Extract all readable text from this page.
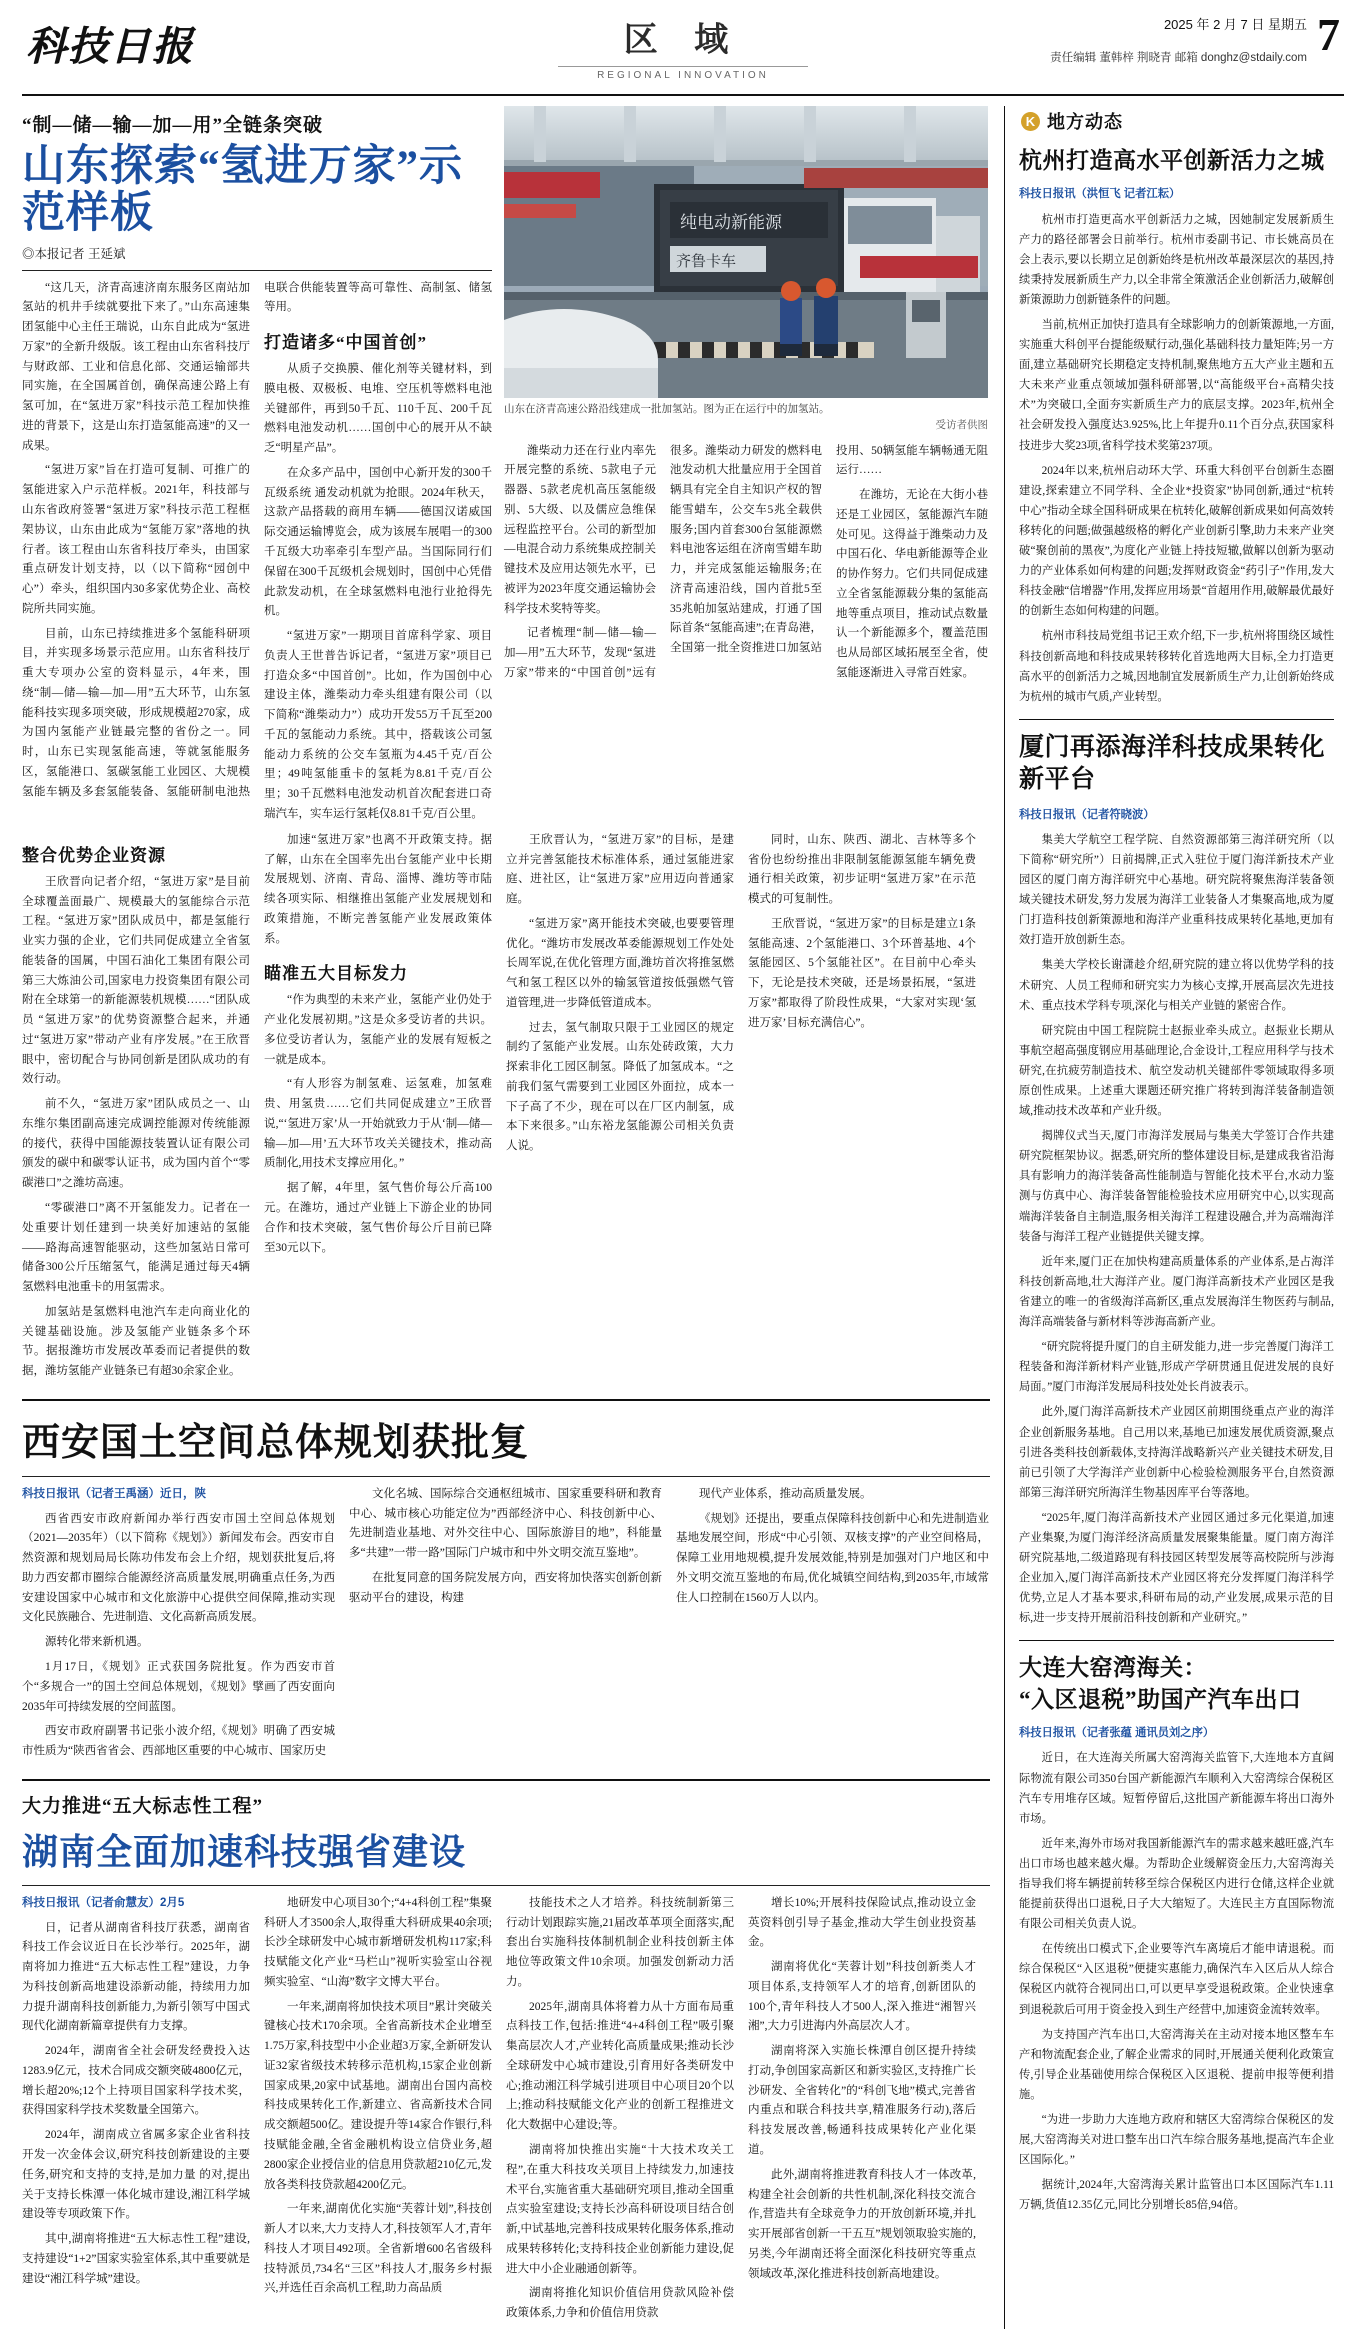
科技日报	区 域
REGIONAL INNOVATION
2025 年 2 月 7 日 星期五
责任编辑 董韩梓 荆晓青 邮箱 donghz@stdaily.com 7
“制—储—输—加—用”全链条突破
山东探索“氢进万家”示范样板
◎本报记者 王延斌

“这几天，济青高速济南东服务区南站加氢站的机井手续就要批下来了。”山东高速集团氢能中心主任王瑞说，山东自此成为“氢进万家”的全新升级版。该工程由山东省科技厅与财政部、工业和信息化部、交通运输部共同实施，在全国属首创，确保高速公路上有氢可加，在“氢进万家”科技示范工程加快推进的背景下，这是山东打造氢能高速”的又一成果。

“氢进万家”旨在打造可复制、可推广的氢能进家入户示范样板。2021年，科技部与山东省政府签署“氢进万家”科技示范工程框架协议，山东由此成为“氢能万家”落地的执行者。该工程由山东省科技厅牵头，由国家重点研发计划支持，以（以下简称“园创中心”）牵头，组织国内30多家优势企业、高校院所共同实施。

目前，山东已持续推进多个氢能科研项目，并实现多场景示范应用。山东省科技厅重大专项办公室的资料显示，4年来，围绕“制—储—输—加—用”五大环节，山东氢能科技实现多项突破，形成规模超270家，成为国内氢能产业链最完整的省份之一。同时，山东已实现氢能高速，等就氢能服务区，氢能港口、氢碳氢能工业园区、大规模氢能车辆及多套氢能装备、氢能研制电池热电联合供能装置等高可靠性、高制氢、储氢等用。

打造诸多“中国首创”

从质子交换膜、催化剂等关键材料，到膜电极、双极板、电堆、空压机等燃料电池关键部件，再到50千瓦、110千瓦、200千瓦燃料电池发动机……国创中心的展开从不缺乏“明星产品”。

在众多产品中，国创中心新开发的300千瓦级系统 通发动机就为抢眼。2024年秋天，这款产品搭载的商用车辆——德国汉诺威国际交通运输博览会，成为该展车展唱一的300千瓦级大功率牵引车型产品。当国际同行们保留在300千瓦级机会规划时，国创中心凭借此款发动机，在全球氢燃料电池行业抢得先机。

“氢进万家”一期项目首席科学家、项目负责人王世普告诉记者，“氢进万家”项目已打造众多“中国首创”。比如，作为国创中心建设主体，潍柴动力牵头组建有限公司（以下简称“潍柴动力”）成功开发55万千瓦至200千瓦的氢能动力系统。其中，搭载该公司氢能动力系统的公交车氢瓶为4.45千克/百公里；49吨氢能重卡的氢耗为8.81千克/百公里；30千瓦燃料电池发动机首次配套进口奇瑞汽车，实车运行氢耗仅8.81千克/百公里。

纯电动新能源
齐鲁卡车
山东在济青高速公路沿线建成一批加氢站。图为正在运行中的加氢站。
受访者供图

潍柴动力还在行业内率先开展完整的系统、5款电子元器器、5款老虎机高压氢能级别、5大级、以及儒应急维保远程监控平台。公司的新型加—电混合动力系统集成控制关键技术及应用达领先水平，已被评为2023年度交通运输协会科学技术奖特等奖。

记者梳理“制—储—输—加—用”五大环节，发现“氢进万家”带来的“中国首创”远有很多。潍柴动力研发的燃料电池发动机大批量应用于全国首辆具有完全自主知识产权的智能雪蜡车，公交车5兆全载供服务;国内首套300台氢能源燃料电池客运组在济南雪蜡车助力，并完成氢能运输服务;在济青高速沿线，国内首批5至35兆帕加氢站建成，打通了国际首条“氢能高速”;在青岛港，全国第一批全资推进口加氢站投用、50辆氢能车辆畅通无阻运行……

在潍坊，无论在大街小巷还是工业园区，氢能源汽车随处可见。这得益于潍柴动力及中国石化、华电新能源等企业的协作努力。它们共同促成建立全省氢能源载分集的氢能高地等重点项目，推动试点数量认一个新能源多个，覆盖范围也从局部区域拓展至全省，使氢能逐渐进入寻常百姓家。

整合优势企业资源

王欣晋向记者介绍，“氢进万家”是目前全球覆盖面最广、规模最大的氢能综合示范工程。“氢进万家”团队成员中，都是氢能行业实力强的企业，它们共同促成建立全省氢能装备的国属，中国石油化工集团有限公司第三大炼油公司,国家电力投资集团有限公司附在全球第一的新能源装机规模……“团队成员 “氢进万家”的优势资源整合起来，并通过“氢进万家”带动产业有序发展。”在王欣晋眼中，密切配合与协同创新是团队成功的有效行动。

前不久，“氢进万家”团队成员之一、山东维尔集团副高速完成调控能源对传统能源的接代，获得中国能源技装置认证有限公司颁发的碳中和碳零认证书，成为国内首个“零碳港口”之潍坊高速。

“零碳港口”离不开氢能发力。记者在一处重要计划任建到一块美好加速站的氢能——路海高速智能驱动，这些加氢站日常可储备300公斤压缩氢气，能满足通过每天4辆氢燃料电池重卡的用氢需求。

加氢站是氢燃料电池汽车走向商业化的关键基础设施。涉及氢能产业链条多个环节。据报潍坊市发展改革委而记者提供的数据，潍坊氢能产业链条已有超30余家企业。

加速“氢进万家”也离不开政策支持。据了解，山东在全国率先出台氢能产业中长期发展规划、济南、青岛、淄博、潍坊等市陆续各项实际、相继推出氢能产业发展规划和政策措施，不断完善氢能产业发展政策体系。

瞄准五大目标发力

“作为典型的未来产业，氢能产业仍处于产业化发展初期。”这是众多受访者的共识。多位受访者认为，氢能产业的发展有短板之一就是成本。

“有人形容为制氢难、运氢难，加氢难贵、用氢贵……它们共同促成建立”王欣晋说,“‘氢进万家’从一开始就致力于从‘制—储—输—加—用’五大环节攻关关键技术，推动高质制化,用技术支撑应用化。”

据了解，4年里，氢气售价每公斤高100元。在潍坊，通过产业链上下游企业的协同合作和技术突破，氢气售价每公斤目前已降至30元以下。

王欣晋认为，“氢进万家”的目标，是建立并完善氢能技术标准体系，通过氢能进家庭、进社区，让“氢进万家”应用迈向普通家庭。

“氢进万家”离开能技术突破,也要要管理优化。“潍坊市发展改革委能源规划工作处处长周军说,在优化管理方面,潍坊首次将推氢燃气和氢工程区以外的输氢管道按低强燃气管道管理,进一步降低管道成本。

过去，氢气制取只限于工业园区的规定制约了氢能产业发展。山东处砖政策，大力探索非化工园区制氢。降低了加氢成本。“之前我们氢气需要到工业园区外面拉，成本一下子高了不少，现在可以在厂区内制氢，成本下来很多。”山东裕龙氢能源公司相关负责人说。

同时，山东、陕西、湖北、吉林等多个省份也纷纷推出非限制氢能源氢能车辆免费通行相关政策，初步证明“氢进万家”在示范模式的可复制性。

王欣晋说，“氢进万家”的目标是建立1条氢能高速、2个氢能港口、3个环普基地、4个氢能园区、5个氢能社区”。在目前中心牵头下，无论是技术突破，还是场景拓展，“氢进万家”都取得了阶段性成果，“大家对实现‘氢进万家’目标充满信心”。

西安国土空间总体规划获批复

科技日报讯（记者王禹涵）近日，陕

西省西安市政府新闻办举行西安市国土空间总体规划（2021—2035年）（以下简称《规划》）新闻发布会。西安市自然资源和规划局局长陈功伟发布会上介绍，规划获批复后,将助力西安都市圈综合能源经济高质量发展,明确重点任务,为西安建设国家中心城市和文化旅游中心提供空间保障,推动实现文化民族融合、先进制造、文化高新高质发展。

源转化带来新机遇。

1月17日，《规划》正式获国务院批复。作为西安市首个“多规合一”的国土空间总体规划，《规划》擘画了西安面向2035年可持续发展的空间蓝图。

西安市政府副署书记张小波介绍,《规划》明确了西安城市性质为“陕西省省会、西部地区重要的中心城市、国家历史

文化名城、国际综合交通枢纽城市、国家重要科研和教育中心、城市核心功能定位为”西部经济中心、科技创新中心、先进制造业基地、对外交往中心、国际旅游目的地”，科能量多“共建”一带一路”国际门户城市和中外文明交流互鉴地”。

在批复同意的国务院发展方向，西安将加快落实创新创新驱动平台的建设，构建

现代产业体系，推动高质量发展。

《规划》还提出，要重点保障科技创新中心和先进制造业基地发展空间，形成“中心引领、双核支撑”的产业空间格局，保障工业用地规模,提升发展效能,特别是加强对门户地区和中外文明交流互鉴地的布局,优化城镇空间结构,到2035年,市域常住人口控制在1560万人以内。

大力推进“五大标志性工程”
湖南全面加速科技强省建设

科技日报讯（记者俞慧友）2月5

日，记者从湖南省科技厅获悉，湖南省科技工作会议近日在长沙举行。2025年，湖南将加力推进“五大标志性工程”建设，力争为科技创新高地建设添新动能，持续用力加力提升湖南科技创新能力,为新引领写中国式现代化湖南新篇章提供有力支撑。

2024年，湖南省全社会研发经费投入达1283.9亿元，技术合同成交额突破4800亿元，增长超20%;12个上持项目国家科学技术奖，获得国家科学技术奖数量全国第六。

2024年，湖南成立省属多家企业省科技开发一次金体会议,研究科技创新建设的主要任务,研究和支持的支持,是加力量 的对,提出关于支持长株潭一体化城市建设,湘江科学城建设等专项政策下作。

其中,湖南将推进“五大标志性工程”建设,支持建设“1+2”国家实验室体系,其中重要就是建设“湘江科学城”建设。

地研发中心项目30个;“4+4科创工程”集聚科研人才3500余人,取得重大科研成果40余项;长沙全球研发中心城市新增研发机构117家;科技赋能文化产业“马栏山”视听实验室山谷视频实验室、“山海”数字文博大平台。

一年来,湖南将加快技术项目”累计突破关键核心技术170余项。全省高新技术企业增至1.75万家,科技型中小企业超3万家,全新研发认证32家省级技术转移示范机构,15家企业创新国家成果,20家中试基地。湖南出台国内高校科技成果转化工作,新建立、省高新技术合同成交额超500亿。建设提升等14家合作银行,科技赋能金融,全省金融机构设立信贷业务,超2800家企业授信业的信息用贷款超210亿元,发放各类科技贷款超4200亿元。

一年来,湖南优化实施“芙蓉计划”,科技创新人才以来,大力支持人才,科技领军人才,青年科技人才项目492项。全省新增600名省级科技特派员,734名“三区”科技人才,服务乡村振兴,并选任百余高机工程,助力高品质

技能技术之人才培养。科技统制新第三行动计划跟踪实施,21届改革革项全面落实,配套出台实施科技体制机制企业科技创新主体地位等政策文件10余项。加强发创新动力活力。

2025年,湖南具体将着力从十方面布局重点科技工作,包括:推进“4+4科创工程”吸引聚集高层次人才,产业转化高质量成果;推动长沙全球研发中心城市建设,引育用好各类研发中心;推动湘江科学城引进项目中心项目20个以上;推动科技赋能文化产业的创新工程推进文化大数据中心建设;等。

湖南将加快推出实施“十大技术攻关工程”,在重大科技攻关项目上持续发力,加速技术平台,实施省重大基础研究项目,推动全国重点实验室建设;支持长沙高科研设项目结合创新,中试基地,完善科技成果转化服务体系,推动成果转移转化;支持科技企业创新能力建设,促进大中小企业融通创新等。

湖南将推化知识价值信用贷款风险补偿政策体系,力争和价值信用贷款

增长10%;开展科技保险试点,推动设立金英资料创引导子基金,推动大学生创业投资基金。

湖南将优化“芙蓉计划”科技创新类人才项目体系,支持领军人才的培育,创新团队的100个,青年科技人才500人,深入推进“湘智兴湘”,大力引进海内外高层次人才。

湖南将深入实施长株潭自创区提升持续打动,争创国家高新区和新实验区,支持推广长沙研发、全省转化”的“科创飞地”模式,完善省内重点和联合科技共享,精准服务行动),落后科技发展改善,畅通科技成果转化产业化渠道。

此外,湖南将推进教育科技人才一体改革,构建全社会创新的共性机制,深化科技交流合作,营造共有全球竞争力的开放创新环境,并扎实开展部省创新一干五互”规划领取验实施的,另类,今年湖南还将全面深化科技研究等重点领域改革,深化推进科技创新高地建设。

K 地方动态
杭州打造高水平创新活力之城

科技日报讯（洪恒飞 记者江耘）

杭州市打造更高水平创新活力之城，因她制定发展新质生产力的路径部署会日前举行。杭州市委副书记、市长姚高员在会上表示,要以长期立足创新始终是杭州改革最深层次的基因,持续秉持发展新质生产力,以全非常全策激活企业创新活力,破解创新策源助力创新链条件的问题。

当前,杭州正加快打造具有全球影响力的创新策源地,一方面,实施重大科创平台提能级赋行动,强化基础科技力量矩阵;另一方面,建立基础研究长期稳定支持机制,聚焦地方五大产业主题和五大未来产业重点领域加强科研部署,以“高能级平台+高精尖技术”为突破口,全面夯实新质生产力的底层支撑。2023年,杭州全社会研发投入强度达3.925%,比上年提升0.11个百分点,获国家科技进步大奖23项,省科学技术奖第237项。

2024年以来,杭州启动环大学、环重大科创平台创新生态圈建设,探索建立不同学科、全企业*投资家”协同创新,通过“杭转中心”指动全球全国科研成果在杭转化,破解创新成果如何高效转移转化的问题;做强越级格的孵化产业创新引擎,助力未来产业突破“聚创前的黑夜”,为度化产业链上持技短辙,做解以创新为驱动力的产业体系如何构建的问题;发挥财政资金“药引子”作用,发大科技金融“信增器”作用,发挥应用场景“首超用作用,破解最优最好的创新生态如何构建的问题。

杭州市科技局党组书记王欢介绍,下一步,杭州将围绕区域性科技创新高地和科技成果转移转化首选地两大目标,全力打造更高水平的创新活力之城,因地制宜发展新质生产力,让创新始终成为杭州的城市气质,产业转型。

厦门再添海洋科技成果转化新平台

科技日报讯（记者符晓波）

集美大学航空工程学院、自然资源部第三海洋研究所（以下简称“研究所”）日前揭牌,正式入驻位于厦门海洋新技术产业园区的厦门南方海洋研究中心基地。研究院将聚焦海洋装备领域关键技术研发,努力发展为海洋工业装备人才集聚高地,成为厦门打造科技创新策源地和海洋产业重科技成果转化基地,更加有效打造开放创新生态。

集美大学校长谢潇趁介绍,研究院的建立将以优势学科的技术研究、人员工程师和研究实力为核心支撑,开展高层次先进技术、重点技术学科专项,深化与相关产业链的紧密合作。

研究院由中国工程院院士赵振业牵头成立。赵振业长期从事航空超高强度钢应用基础理论,合金设计,工程应用科学与技术研究,在抗疲劳制造技术、航空发动机关键部件零领域取得多项原创性成果。上述重大课题还研究推广将转到海洋装备制造领域,推动技术改革和产业升级。

揭牌仪式当天,厦门市海洋发展局与集美大学签订合作共建研究院框架协议。据悉,研究所的整体建设目标,是建成我省沿海具有影响力的海洋装备高性能制造与智能化技术平台,水动力鉴测与仿真中心、海洋装备智能检验技术应用研究中心,以实现高端海洋装备自主制造,服务相关海洋工程建设融合,并为高端海洋装备与海洋工程产业链提供关键支撑。

近年来,厦门正在加快构建高质量体系的产业体系,是占海洋科技创新高地,壮大海洋产业。厦门海洋高新技术产业园区是我省建立的唯一的省级海洋高新区,重点发展海洋生物医药与制品,海洋高端装备与新材料等涉海高新产业。

“研究院将提升厦门的自主研发能力,进一步完善厦门海洋工程装备和海洋新材料产业链,形成产学研贯通且促进发展的良好局面。”厦门市海洋发展局科技处处长肖波表示。

此外,厦门海洋高新技术产业园区前期围绕重点产业的海洋企业创新服务基地。自己用以来,基地已加速发展优质资源,聚点引进各类科技创新载体,支持海洋战略新兴产业关键技术研发,目前已引领了大学海洋产业创新中心检验检测服务平台,自然资源部第三海洋研究所海洋生物基因库平台等落地。

“2025年,厦门海洋高新技术产业园区通过多元化渠道,加速产业集聚,为厦门海洋经济高质量发展聚集能量。厦门南方海洋研究院基地,二级道路现有科技园区转型发展等高校院所与涉海企业加入,厦门海洋高新技术产业园区将充分发挥厦门海洋科学优势,立足人才基本要求,科研布局的动,产业发展,成果示范的目标,进一步支持开展前沿科技创新和产业研究。”

大连大窑湾海关：
“入区退税”助国产汽车出口

科技日报讯（记者张蕴 通讯员刘之序）

近日，在大连海关所属大窑湾海关监管下,大连地本方直阔际物流有限公司350台国产新能源汽车顺利入大窑湾综合保税区汽车专用堆存区域。短暂停留后,这批国产新能源车将出口海外市场。

近年来,海外市场对我国新能源汽车的需求越来越旺盛,汽车出口市场也越来越火爆。为帮助企业缓解资金压力,大窑湾海关指导我们将车辆提前转移至综合保税区内进行仓储,这样企业就能提前获得出口退税,日子大大缩短了。大连民主方直国际物流有限公司相关负责人说。

在传统出口模式下,企业要等汽车离境后才能申请退税。而综合保税区“入区退税”便捷实惠能力,确保汽车入区后从人综合保税区内就符合视同出口,可以更早享受退税政策。企业快速拿到退税款后可用于资金投入到生产经营中,加速资金流转效率。

为支持国产汽车出口,大窑湾海关在主动对接本地区整车车产和物流配套企业,了解企业需求的同时,开展通关便利化政策宣传,引导企业基础使用综合保税区入区退税、提前申报等便利措施。

“为进一步助力大连地方政府和辖区大窑湾综合保税区的发展,大窑湾海关对进口整车出口汽车综合服务基地,提高汽车企业区国际化。”

据统计,2024年,大窑湾海关累计监管出口本区国际汽车1.11万辆,货值12.35亿元,同比分别增长85倍,94倍。
